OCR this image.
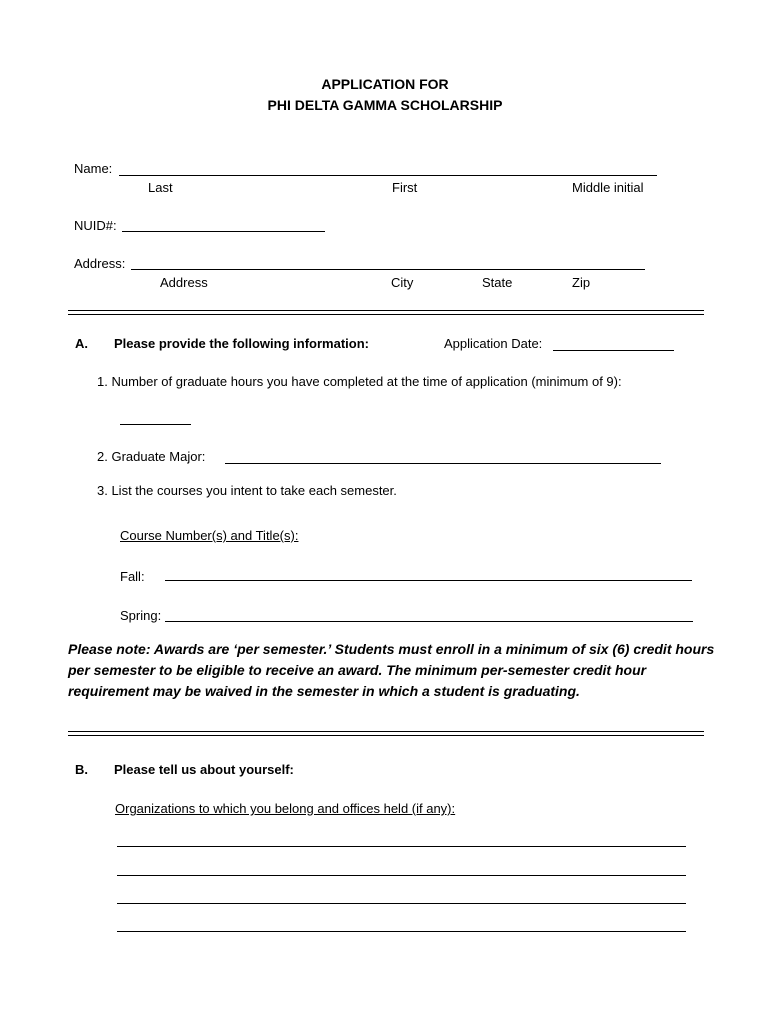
APPLICATION FOR
PHI DELTA GAMMA SCHOLARSHIP
Name:
Last	First	Middle initial
NUID#:
Address:
Address	City	State	Zip
A. Please provide the following information:	Application Date:
1. Number of graduate hours you have completed at the time of application (minimum of 9):
2. Graduate Major:
3. List the courses you intent to take each semester.
Course Number(s) and Title(s):
Fall:
Spring:
Please note: Awards are ‘per semester.’ Students must enroll in a minimum of six (6) credit hours per semester to be eligible to receive an award. The minimum per-semester credit hour requirement may be waived in the semester in which a student is graduating.
B. Please tell us about yourself:
Organizations to which you belong and offices held (if any):
